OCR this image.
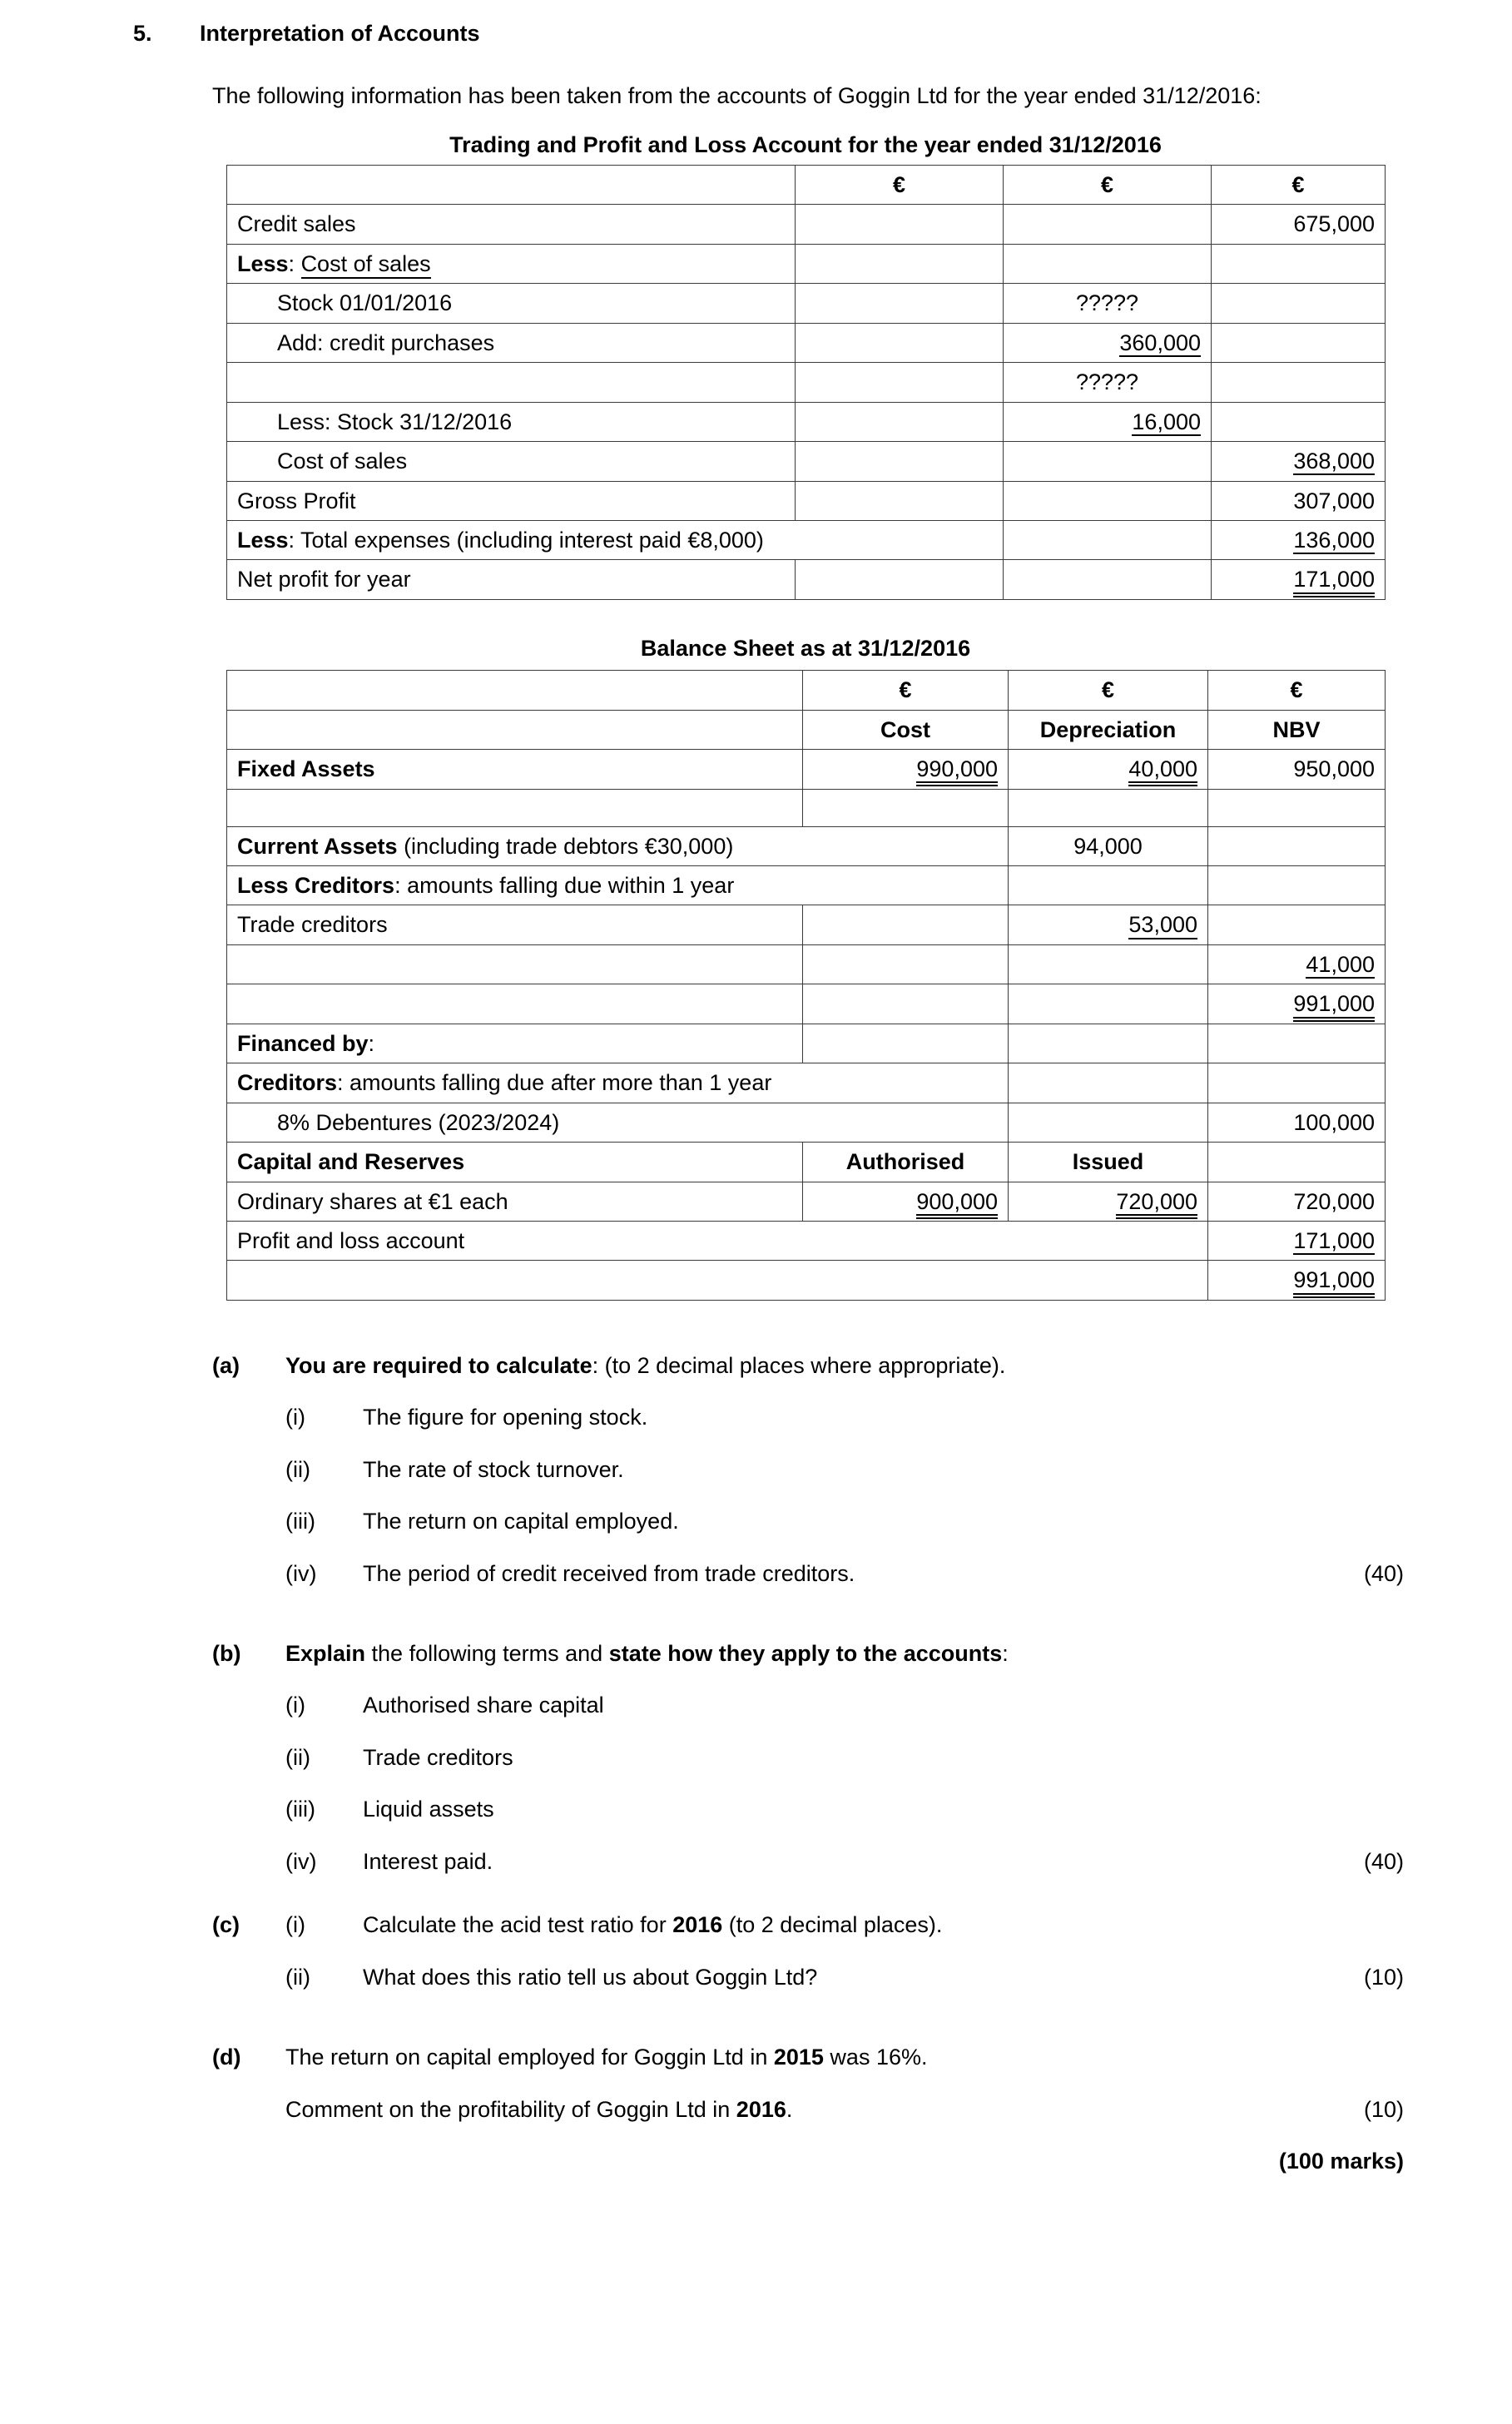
5.	Interpretation of Accounts
The following information has been taken from the accounts of Goggin Ltd for the year ended 31/12/2016:
Trading and Profit and Loss Account for the year ended 31/12/2016
	€	€	€
Credit sales			675,000
Less: Cost of sales			
Stock 01/01/2016		?????	
Add: credit purchases		360,000	
		?????	
Less: Stock 31/12/2016		16,000	
Cost of sales			368,000
Gross Profit			307,000
Less: Total expenses (including interest paid €8,000)			136,000
Net profit for year			171,000
Balance Sheet as at 31/12/2016
	€	€	€
	Cost	Depreciation	NBV
Fixed Assets	990,000	40,000	950,000

Current Assets (including trade debtors €30,000)		94,000	
Less Creditors: amounts falling due within 1 year			
Trade creditors		53,000	
			41,000
			991,000
Financed by:			
Creditors: amounts falling due after more than 1 year			
8% Debentures (2023/2024)			100,000
Capital and Reserves	Authorised	Issued	
Ordinary shares at €1 each	900,000	720,000	720,000
Profit and loss account			171,000
			991,000
(a)	You are required to calculate: (to 2 decimal places where appropriate).
(i)	The figure for opening stock.
(ii)	The rate of stock turnover.
(iii)	The return on capital employed.
(iv)	The period of credit received from trade creditors.	(40)
(b)	Explain the following terms and state how they apply to the accounts:
(i)	Authorised share capital
(ii)	Trade creditors
(iii)	Liquid assets
(iv)	Interest paid.	(40)
(c)	(i)	Calculate the acid test ratio for 2016 (to 2 decimal places).
(ii)	What does this ratio tell us about Goggin Ltd?	(10)
(d)	The return on capital employed for Goggin Ltd in 2015 was 16%.
Comment on the profitability of Goggin Ltd in 2016.	(10)
(100 marks)
